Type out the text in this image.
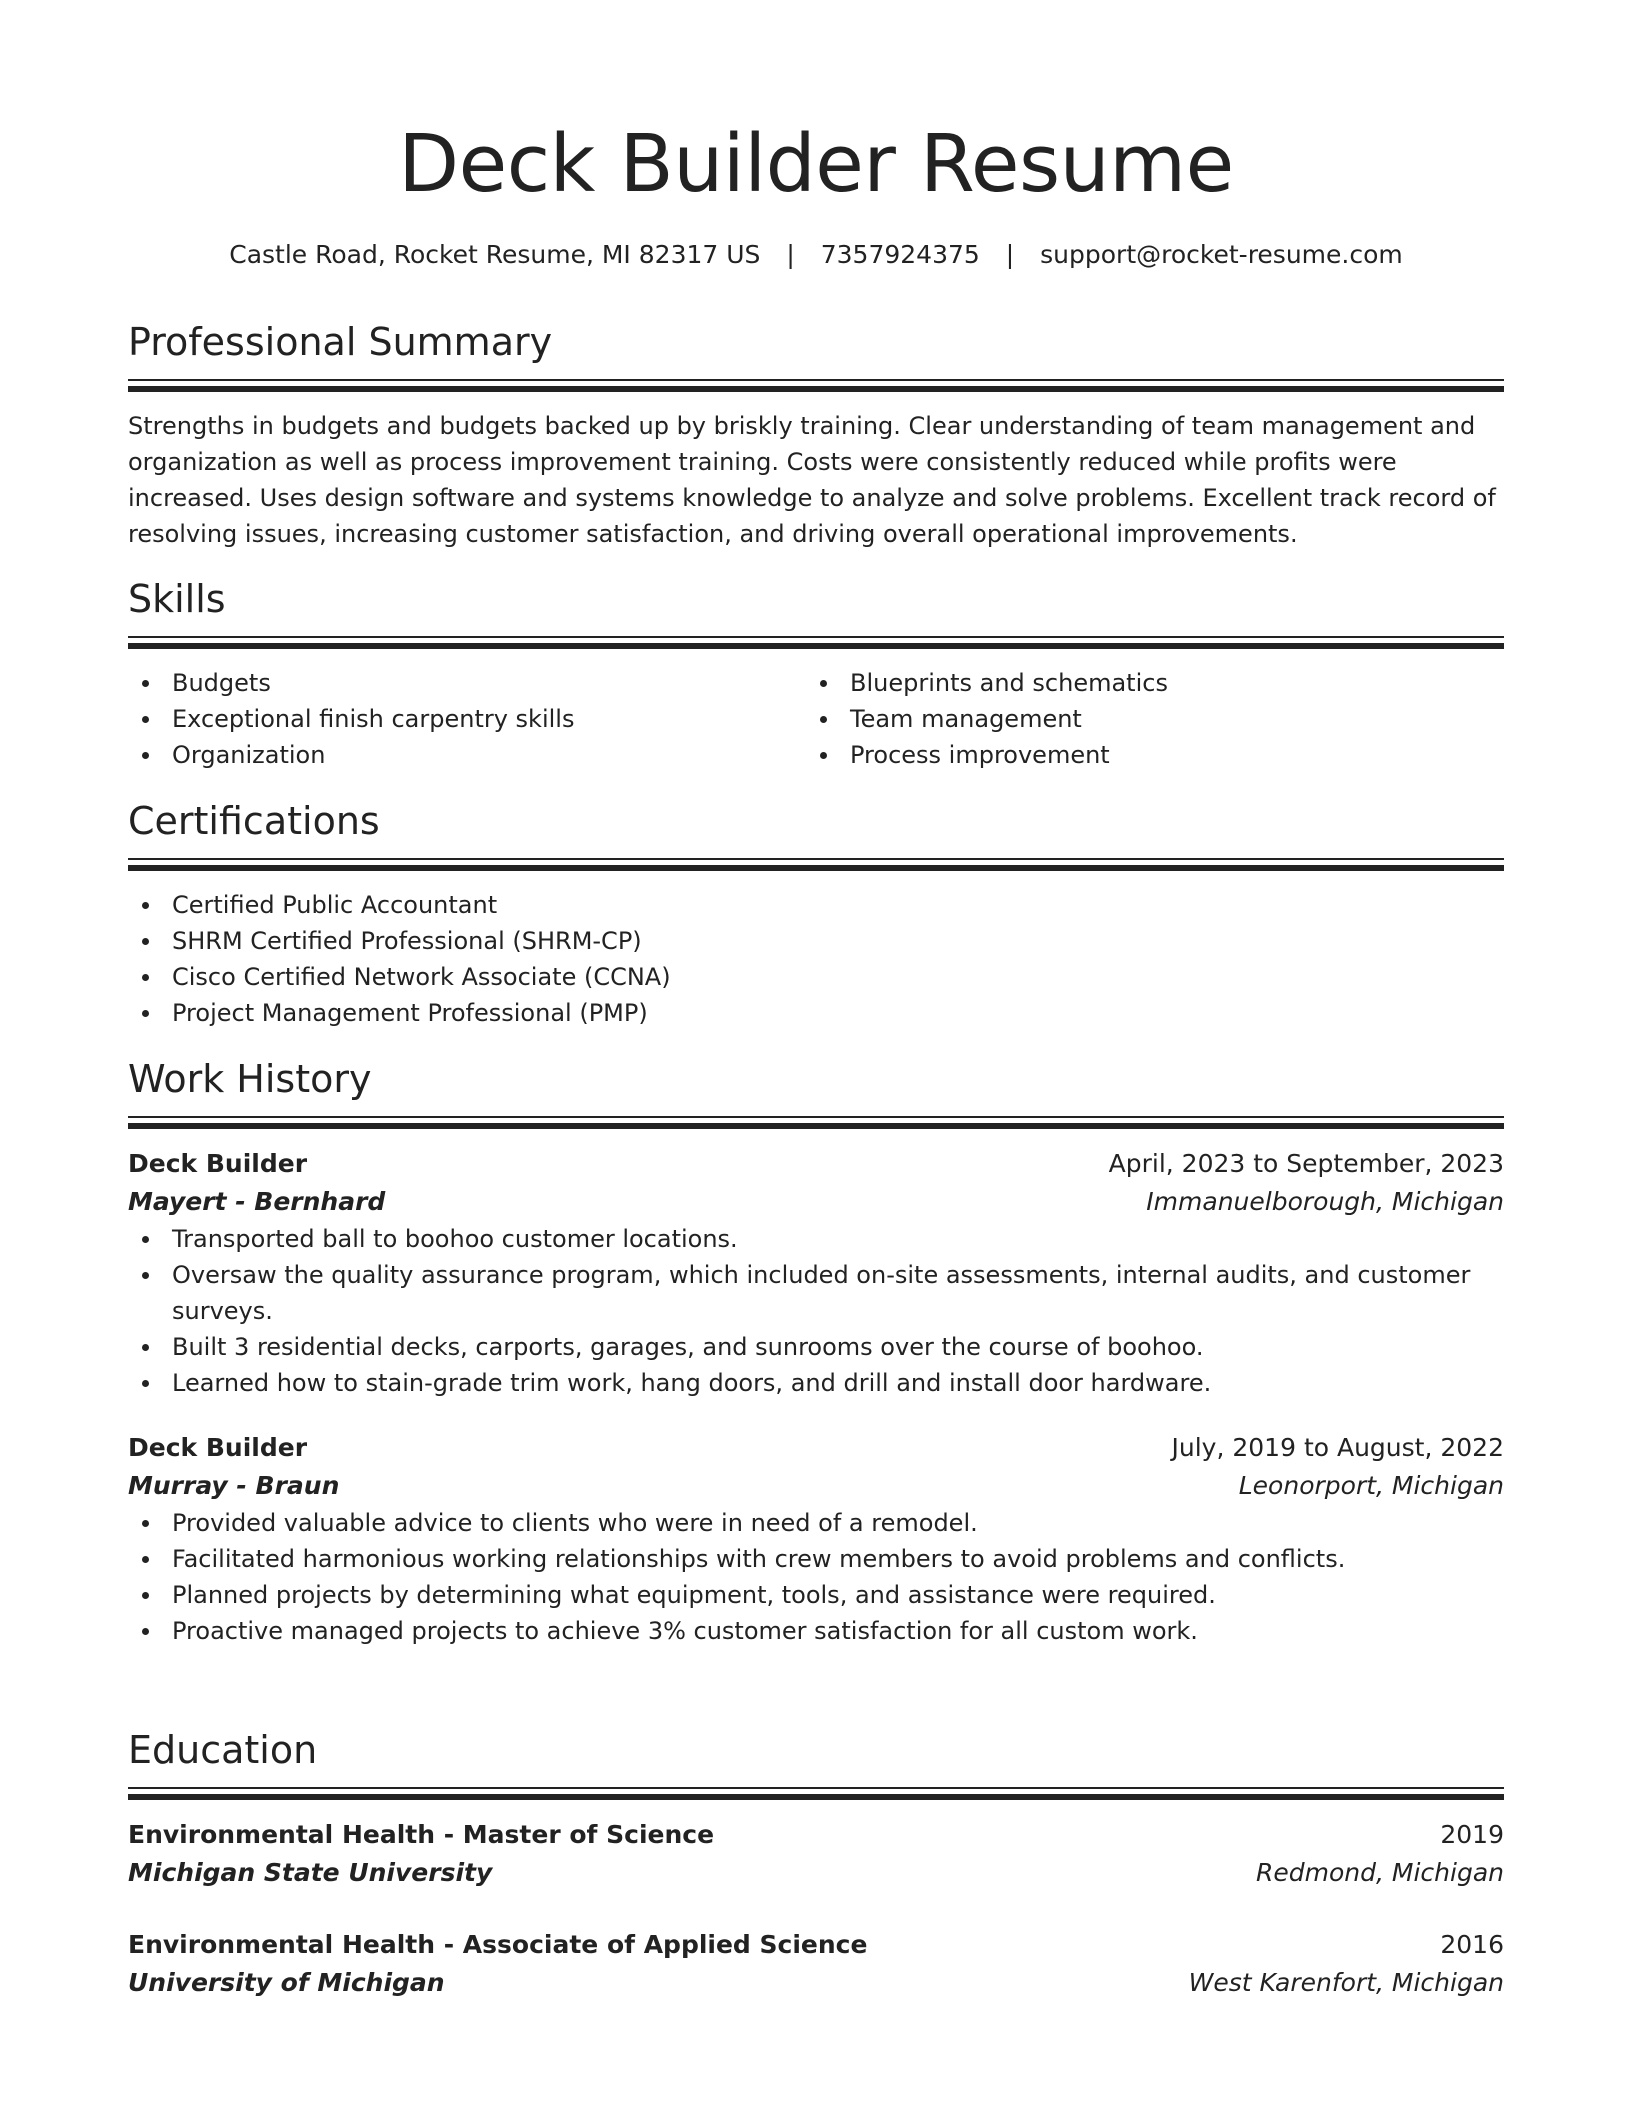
Deck Builder Resume
Castle Road, Rocket Resume, MI 82317 US | 7357924375 | support@rocket-resume.com
Professional Summary

Strengths in budgets and budgets backed up by briskly training. Clear understanding of team management and organization as well as process improvement training. Costs were consistently reduced while profits were increased. Uses design software and systems knowledge to analyze and solve problems. Excellent track record of resolving issues, increasing customer satisfaction, and driving overall operational improvements.

Skills
Budgets
Exceptional finish carpentry skills
Organization
Blueprints and schematics
Team management
Process improvement
Certifications
Certified Public Accountant
SHRM Certified Professional (SHRM-CP)
Cisco Certified Network Associate (CCNA)
Project Management Professional (PMP)
Work History
Deck Builder	April, 2023 to September, 2023
Mayert - Bernhard	Immanuelborough, Michigan
Transported ball to boohoo customer locations.
Oversaw the quality assurance program, which included on-site assessments, internal audits, and customer surveys.
Built 3 residential decks, carports, garages, and sunrooms over the course of boohoo.
Learned how to stain-grade trim work, hang doors, and drill and install door hardware.
Deck Builder	July, 2019 to August, 2022
Murray - Braun	Leonorport, Michigan
Provided valuable advice to clients who were in need of a remodel.
Facilitated harmonious working relationships with crew members to avoid problems and conflicts.
Planned projects by determining what equipment, tools, and assistance were required.
Proactive managed projects to achieve 3% customer satisfaction for all custom work.
Education
Environmental Health - Master of Science	2019
Michigan State University	Redmond, Michigan
Environmental Health - Associate of Applied Science	2016
University of Michigan	West Karenfort, Michigan
